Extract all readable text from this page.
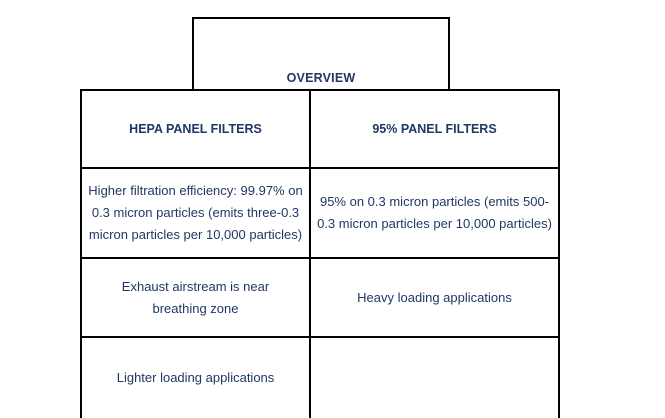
OVERVIEW
HEPA PANEL FILTERS	95% PANEL FILTERS
Higher filtration efficiency: 99.97% on 0.3 micron particles (emits three-0.3 micron particles per 10,000 particles)
95% on 0.3 micron particles (emits 500-0.3 micron particles per 10,000 particles)
Exhaust airstream is near breathing zone
Heavy loading applications
Lighter loading applications
